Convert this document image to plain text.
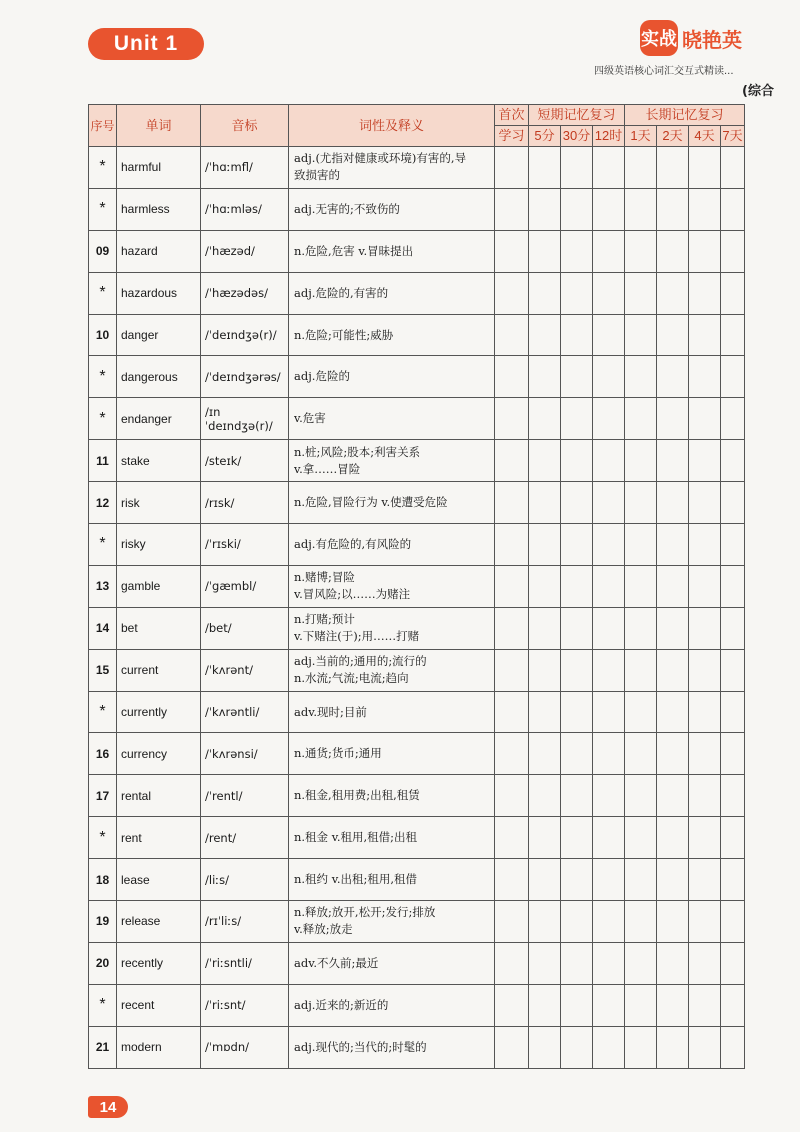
Unit 1	实战 晓艳英
四级英语核心词汇交互式精读...
(综合
序号	单词	音标	词性及释义	首次	短期记忆复习			长期记忆复习			
				学习	5分	30分	12时	1天	2天	4天	7天
*	harmful	/ˈhɑːmfl/	adj.(尤指对健康或环境)有害的,导
致损害的								

*	harmless	/ˈhɑːmləs/	adj.无害的;不致伤的								

09	hazard	/ˈhæzəd/	n.危险,危害 v.冒昧提出								

*	hazardous	/ˈhæzədəs/	adj.危险的,有害的								

10	danger	/ˈdeɪndʒə(r)/	n.危险;可能性;威胁								

*	dangerous	/ˈdeɪndʒərəs/	adj.危险的								

*	endanger	/ɪnˈdeɪndʒə(r)/	v.危害								

11	stake	/steɪk/	n.桩;风险;股本;利害关系
v.拿……冒险								

12	risk	/rɪsk/	n.危险,冒险行为 v.使遭受危险								

*	risky	/ˈrɪski/	adj.有危险的,有风险的								

13	gamble	/ˈgæmbl/	n.赌博;冒险
v.冒风险;以……为赌注								

14	bet	/bet/	n.打赌;预计
v.下赌注(于);用……打赌								

15	current	/ˈkʌrənt/	adj.当前的;通用的;流行的
n.水流;气流;电流;趋向								

*	currently	/ˈkʌrəntli/	adv.现时;目前								

16	currency	/ˈkʌrənsi/	n.通货;货币;通用								

17	rental	/ˈrentl/	n.租金,租用费;出租,租赁								

*	rent	/rent/	n.租金 v.租用,租借;出租								

18	lease	/liːs/	n.租约 v.出租;租用,租借								

19	release	/rɪˈliːs/	n.释放;放开,松开;发行;排放
v.释放;放走								

20	recently	/ˈriːsntli/	adv.不久前;最近								

*	recent	/ˈriːsnt/	adj.近来的;新近的								

21	modern	/ˈmɒdn/	adj.现代的;当代的;时髦的								

14
